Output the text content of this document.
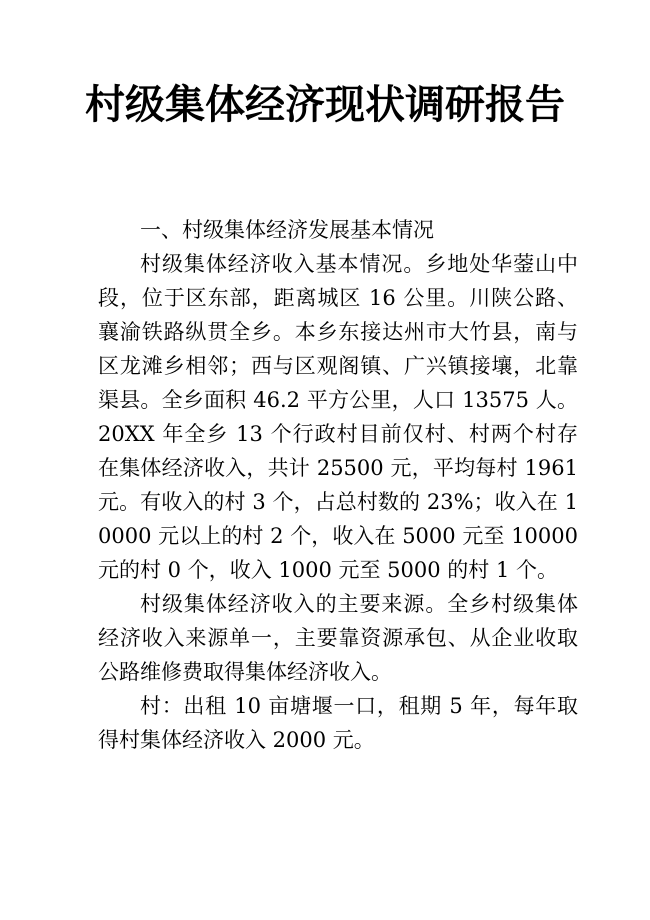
村级集体经济现状调研报告

一、村级集体经济发展基本情况

村级集体经济收入基本情况。乡地处华蓥山中段，位于区东部，距离城区 16 公里。川陕公路、襄渝铁路纵贯全乡。本乡东接达州市大竹县，南与区龙滩乡相邻；西与区观阁镇、广兴镇接壤，北靠渠县。全乡面积 46.2 平方公里，人口 13575 人。20XX 年全乡 13 个行政村目前仅村、村两个村存在集体经济收入，共计 25500 元，平均每村 1961 元。有收入的村 3 个，占总村数的 23%；收入在 10000 元以上的村 2 个，收入在 5000 元至 10000 元的村 0 个，收入 1000 元至 5000 的村 1 个。

村级集体经济收入的主要来源。全乡村级集体经济收入来源单一，主要靠资源承包、从企业收取公路维修费取得集体经济收入。

村：出租 10 亩塘堰一口，租期 5 年，每年取得村集体经济收入 2000 元。
